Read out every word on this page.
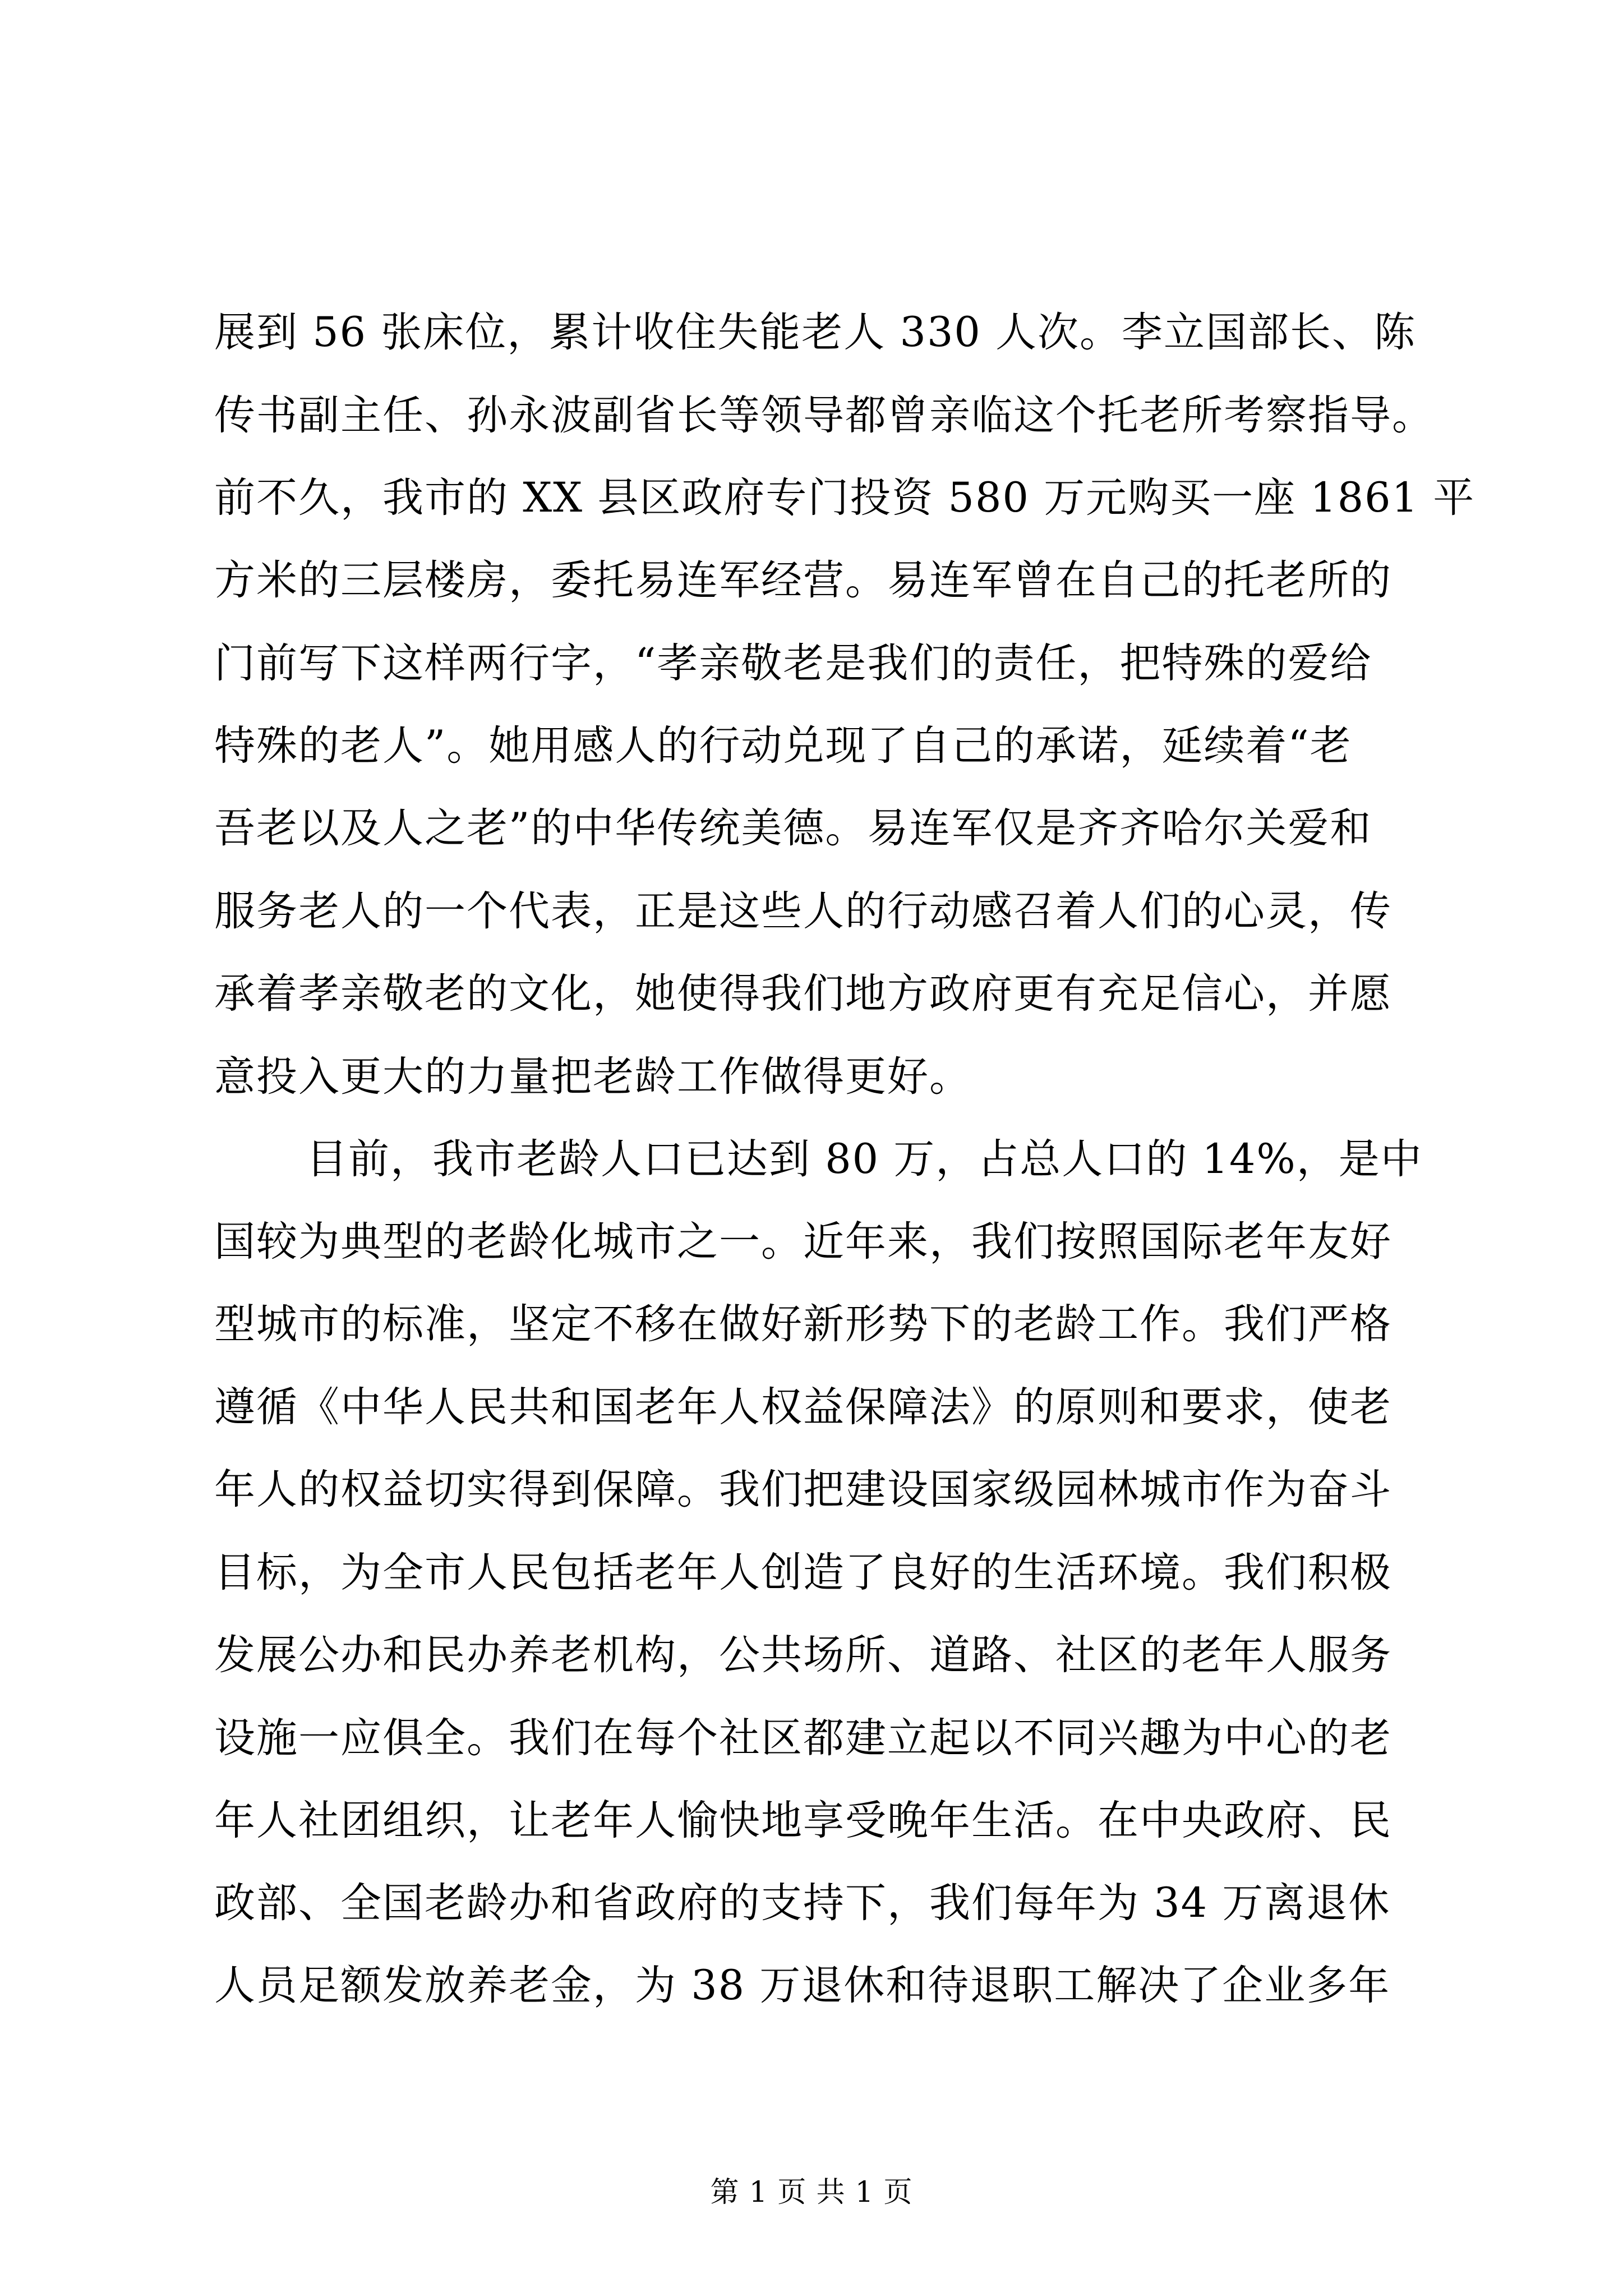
展到 56 张床位，累计收住失能老人 330 人次。李立国部长、陈
传书副主任、孙永波副省长等领导都曾亲临这个托老所考察指导。
前不久，我市的 XX 县区政府专门投资 580 万元购买一座 1861 平
方米的三层楼房，委托易连军经营。易连军曾在自己的托老所的
门前写下这样两行字，“孝亲敬老是我们的责任，把特殊的爱给
特殊的老人”。她用感人的行动兑现了自己的承诺，延续着“老
吾老以及人之老”的中华传统美德。易连军仅是齐齐哈尔关爱和
服务老人的一个代表，正是这些人的行动感召着人们的心灵，传
承着孝亲敬老的文化，她使得我们地方政府更有充足信心，并愿
意投入更大的力量把老龄工作做得更好。
目前，我市老龄人口已达到 80 万，占总人口的 14%，是中
国较为典型的老龄化城市之一。近年来，我们按照国际老年友好
型城市的标准，坚定不移在做好新形势下的老龄工作。我们严格
遵循《中华人民共和国老年人权益保障法》的原则和要求，使老
年人的权益切实得到保障。我们把建设国家级园林城市作为奋斗
目标，为全市人民包括老年人创造了良好的生活环境。我们积极
发展公办和民办养老机构，公共场所、道路、社区的老年人服务
设施一应俱全。我们在每个社区都建立起以不同兴趣为中心的老
年人社团组织，让老年人愉快地享受晚年生活。在中央政府、民
政部、全国老龄办和省政府的支持下，我们每年为 34 万离退休
人员足额发放养老金，为 38 万退休和待退职工解决了企业多年
第 1 页 共 1 页
